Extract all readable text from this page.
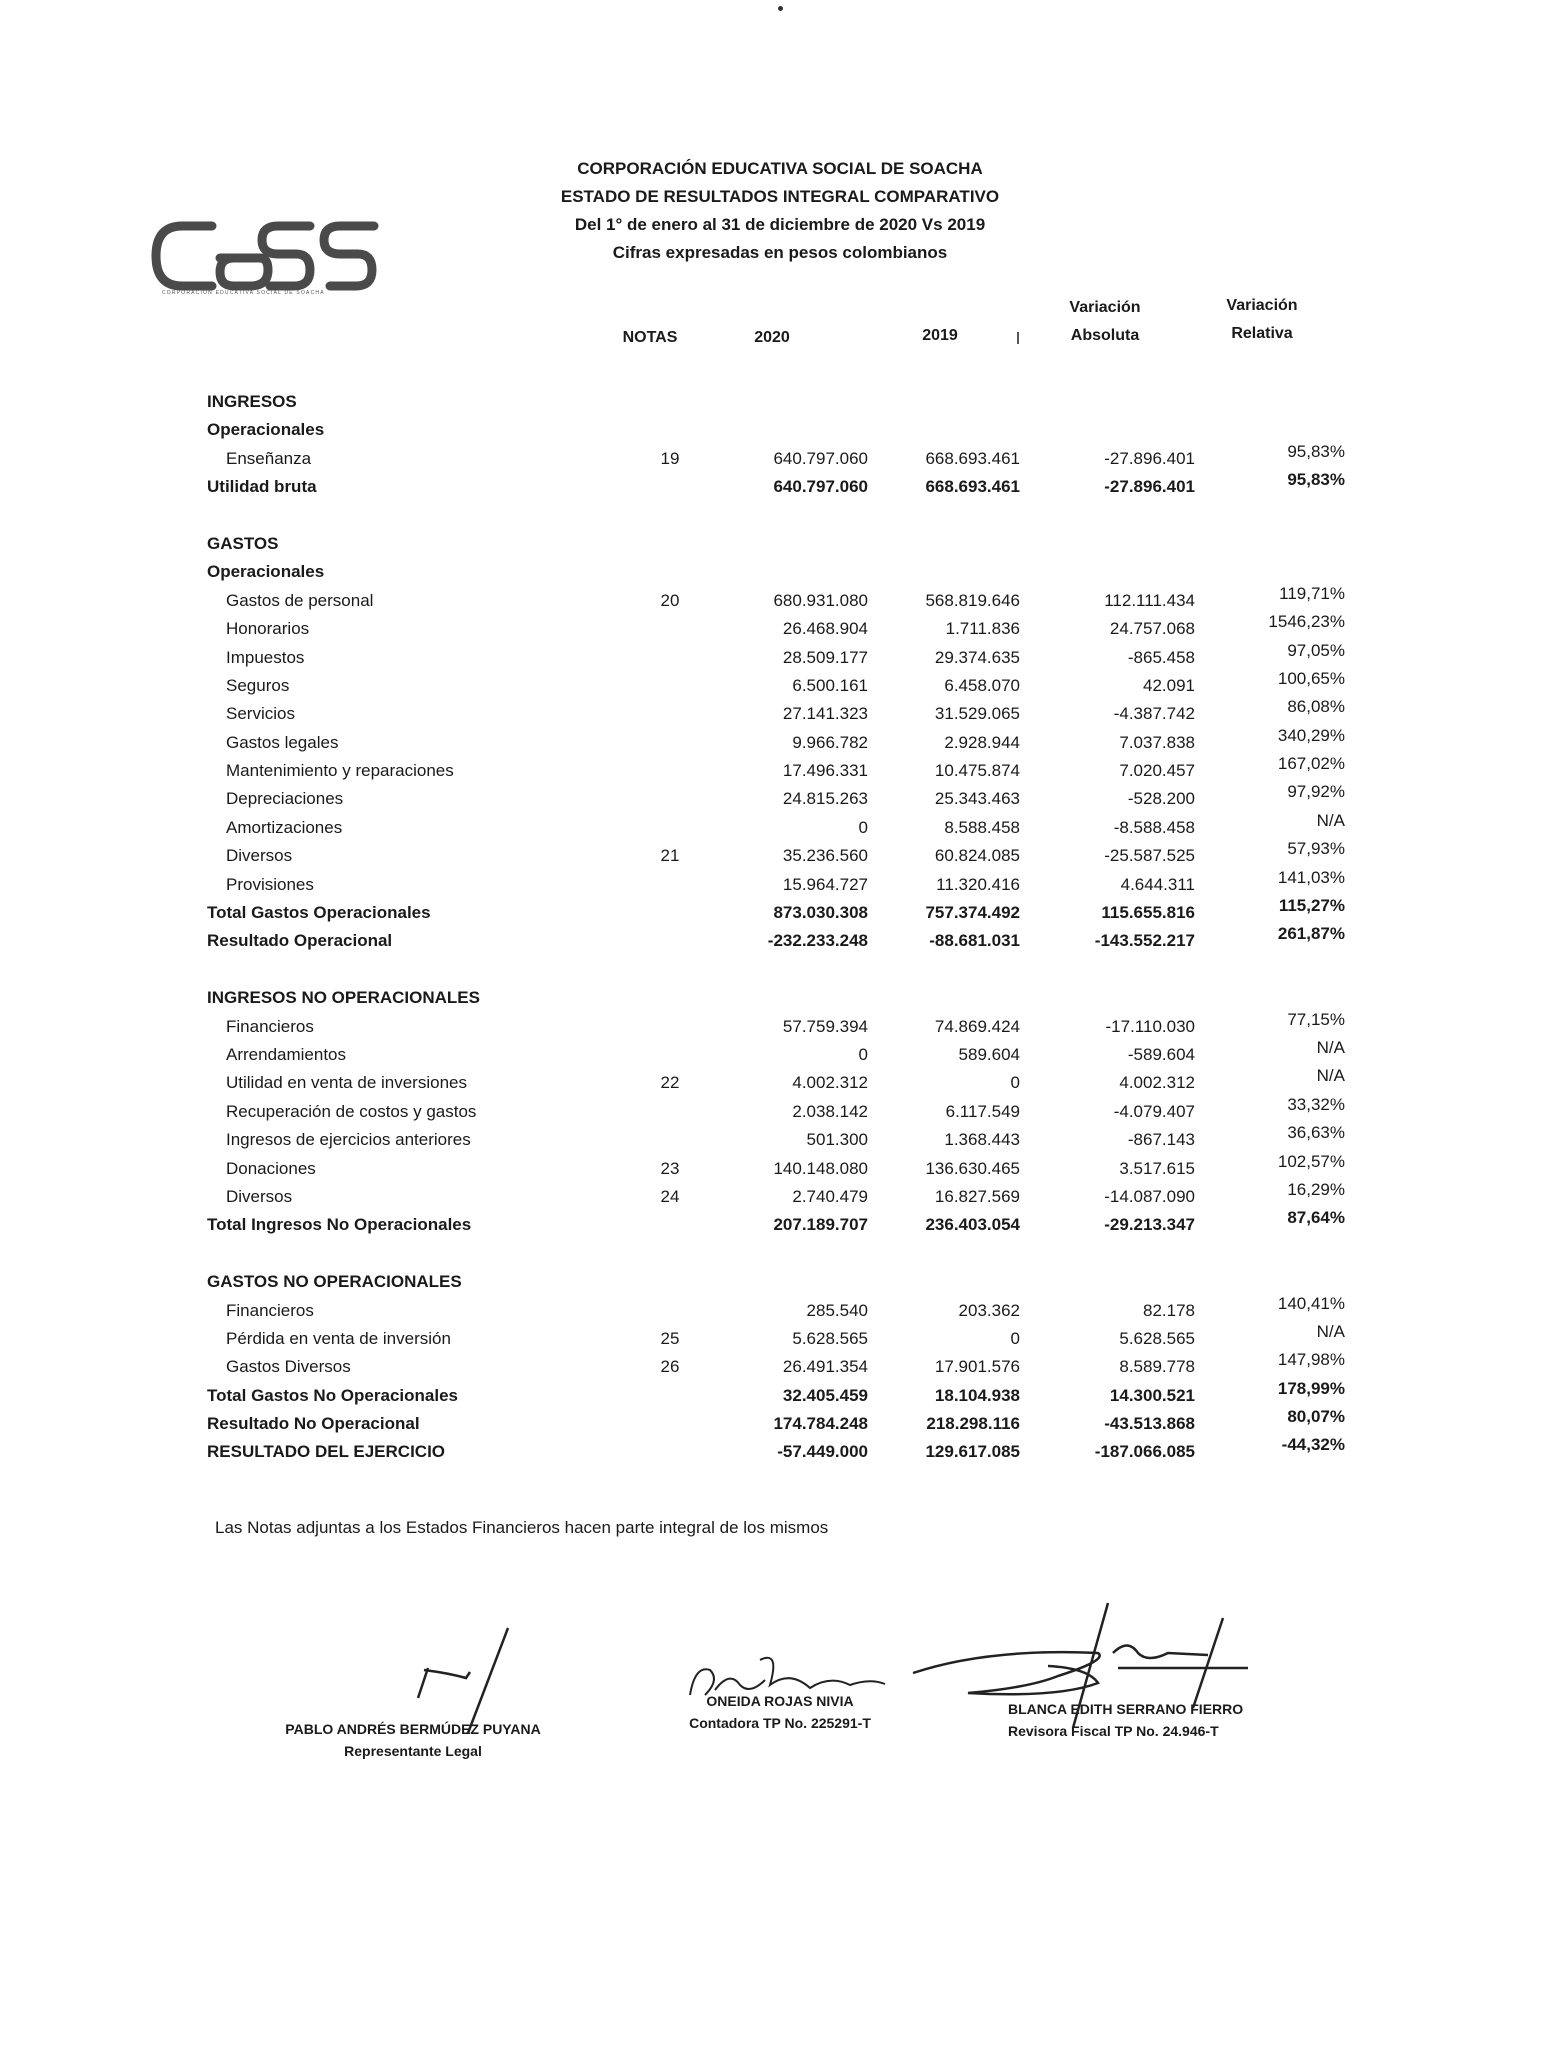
CORPORACIÓN EDUCATIVA SOCIAL DE SOACHA
CORPORACIÓN EDUCATIVA SOCIAL DE SOACHA
ESTADO DE RESULTADOS INTEGRAL COMPARATIVO
Del 1° de enero al 31 de diciembre de 2020 Vs 2019
Cifras expresadas en pesos colombianos
NOTAS	2020	2019
Variación
Absoluta
Variación
Relativa
INGRESOS
Operacionales
Enseñanza	19	640.797.060	668.693.461	-27.896.401	95,83%
Utilidad bruta	640.797.060	668.693.461	-27.896.401	95,83%
GASTOS
Operacionales
Gastos de personal	20	680.931.080	568.819.646	112.111.434	119,71%
Honorarios	26.468.904	1.711.836	24.757.068	1546,23%
Impuestos	28.509.177	29.374.635	-865.458	97,05%
Seguros	6.500.161	6.458.070	42.091	100,65%
Servicios	27.141.323	31.529.065	-4.387.742	86,08%
Gastos legales	9.966.782	2.928.944	7.037.838	340,29%
Mantenimiento y reparaciones	17.496.331	10.475.874	7.020.457	167,02%
Depreciaciones	24.815.263	25.343.463	-528.200	97,92%
Amortizaciones	0	8.588.458	-8.588.458	N/A
Diversos	21	35.236.560	60.824.085	-25.587.525	57,93%
Provisiones	15.964.727	11.320.416	4.644.311	141,03%
Total Gastos Operacionales	873.030.308	757.374.492	115.655.816	115,27%
Resultado Operacional	-232.233.248	-88.681.031	-143.552.217	261,87%
INGRESOS NO OPERACIONALES
Financieros	57.759.394	74.869.424	-17.110.030	77,15%
Arrendamientos	0	589.604	-589.604	N/A
Utilidad en venta de inversiones	22	4.002.312	0	4.002.312	N/A
Recuperación de costos y gastos	2.038.142	6.117.549	-4.079.407	33,32%
Ingresos de ejercicios anteriores	501.300	1.368.443	-867.143	36,63%
Donaciones	23	140.148.080	136.630.465	3.517.615	102,57%
Diversos	24	2.740.479	16.827.569	-14.087.090	16,29%
Total Ingresos No Operacionales	207.189.707	236.403.054	-29.213.347	87,64%
GASTOS NO OPERACIONALES
Financieros	285.540	203.362	82.178	140,41%
Pérdida en venta de inversión	25	5.628.565	0	5.628.565	N/A
Gastos Diversos	26	26.491.354	17.901.576	8.589.778	147,98%
Total Gastos No Operacionales	32.405.459	18.104.938	14.300.521	178,99%
Resultado No Operacional	174.784.248	218.298.116	-43.513.868	80,07%
RESULTADO DEL EJERCICIO	-57.449.000	129.617.085	-187.066.085	-44,32%
Las Notas adjuntas a los Estados Financieros hacen parte integral de los mismos
PABLO ANDRÉS BERMÚDEZ PUYANA
Representante Legal
ONEIDA ROJAS NIVIA
Contadora TP No. 225291-T
BLANCA EDITH SERRANO FIERRO
Revisora Fiscal TP No. 24.946-T
